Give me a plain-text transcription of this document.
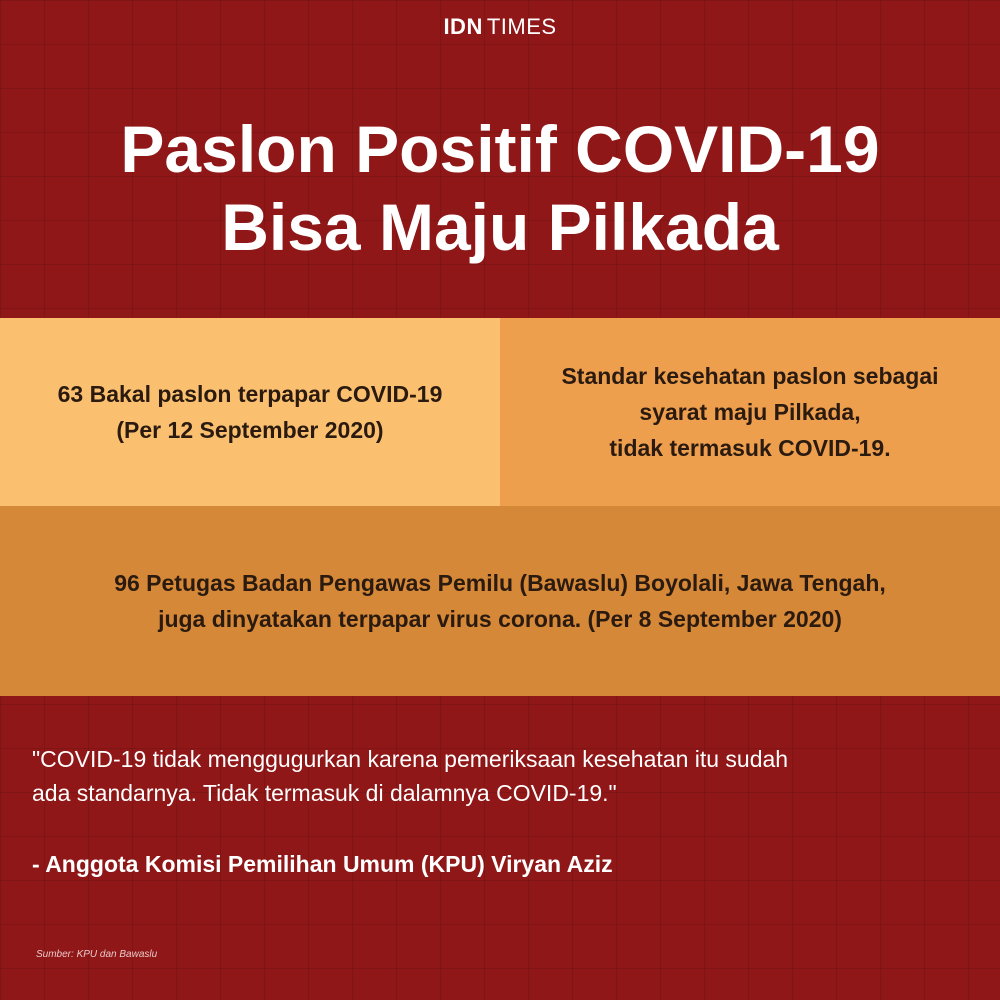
IDN TIMES
Paslon Positif COVID-19
Bisa Maju Pilkada
63 Bakal paslon terpapar COVID-19
(Per 12 September 2020)
Standar kesehatan paslon sebagai
syarat maju Pilkada,
tidak termasuk COVID-19.
96 Petugas Badan Pengawas Pemilu (Bawaslu) Boyolali, Jawa Tengah,
juga dinyatakan terpapar virus corona. (Per 8 September 2020)
"COVID-19 tidak menggugurkan karena pemeriksaan kesehatan itu sudah
ada standarnya. Tidak termasuk di dalamnya COVID-19."
- Anggota Komisi Pemilihan Umum (KPU) Viryan Aziz
Sumber: KPU dan Bawaslu
